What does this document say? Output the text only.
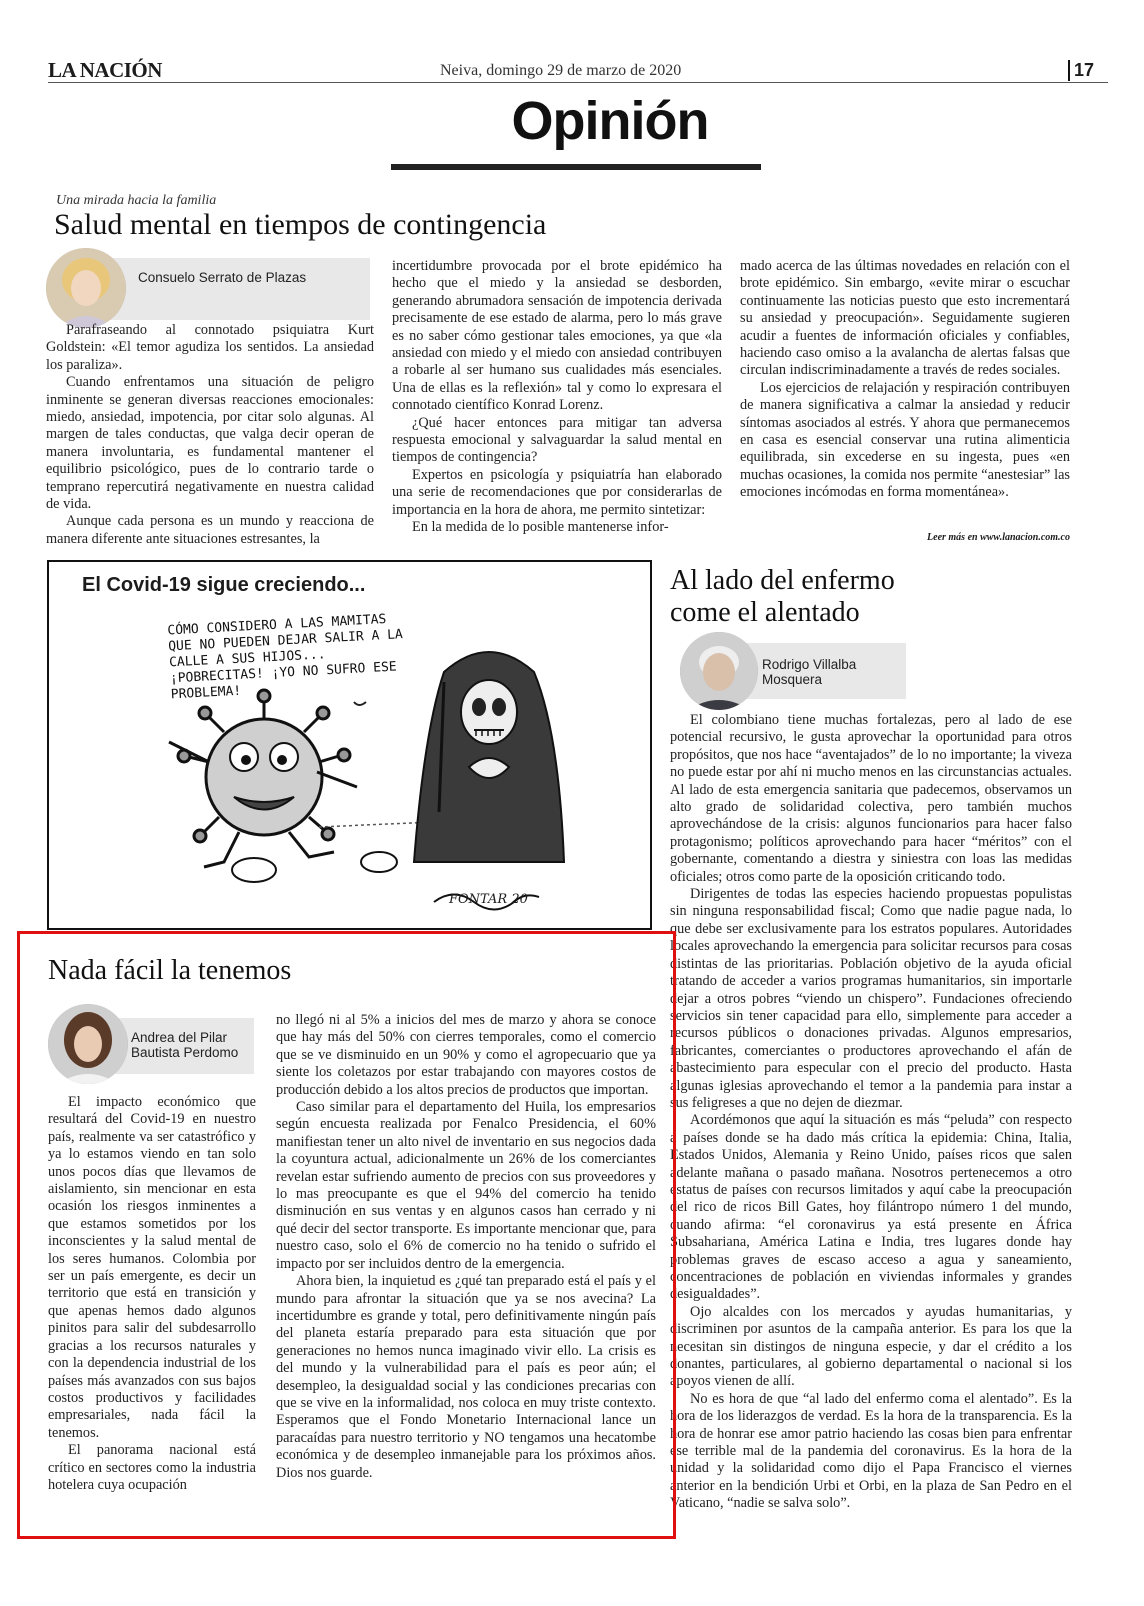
LA NACIÓN	Neiva, domingo 29 de marzo de 2020	17
Opinión
Una mirada hacia la familia
Salud mental en tiempos de contingencia
Consuelo Serrato de Plazas

Parafraseando al connotado psiquiatra Kurt Goldstein: «El temor agudiza los sentidos. La ansiedad los paraliza».

Cuando enfrentamos una situación de peligro inminente se generan diversas reacciones emocionales: miedo, ansiedad, impotencia, por citar solo algunas. Al margen de tales conductas, que valga decir operan de manera involuntaria, es fundamental mantener el equilibrio psicológico, pues de lo contrario tarde o temprano repercutirá negativamente en nuestra calidad de vida.

Aunque cada persona es un mundo y reacciona de manera diferente ante situaciones estresantes, la

incertidumbre provocada por el brote epidémico ha hecho que el miedo y la ansiedad se desborden, generando abrumadora sensación de impotencia derivada precisamente de ese estado de alarma, pero lo más grave es no saber cómo gestionar tales emociones, ya que «la ansiedad con miedo y el miedo con ansiedad contribuyen a robarle al ser humano sus cualidades más esenciales. Una de ellas es la reflexión» tal y como lo expresara el connotado científico Konrad Lorenz.

¿Qué hacer entonces para mitigar tan adversa respuesta emocional y salvaguardar la salud mental en tiempos de contingencia?

Expertos en psicología y psiquiatría han elaborado una serie de recomendaciones que por considerarlas de importancia en la hora de ahora, me permito sintetizar:

En la medida de lo posible mantenerse infor-

mado acerca de las últimas novedades en relación con el brote epidémico. Sin embargo, «evite mirar o escuchar continuamente las noticias puesto que esto incrementará su ansiedad y preocupación». Seguidamente sugieren acudir a fuentes de información oficiales y confiables, haciendo caso omiso a la avalancha de alertas falsas que circulan indiscriminadamente a través de redes sociales.

Los ejercicios de relajación y respiración contribuyen de manera significativa a calmar la ansiedad y reducir síntomas asociados al estrés. Y ahora que permanecemos en casa es esencial conservar una rutina alimenticia equilibrada, sin excederse en su ingesta, pues «en muchas ocasiones, la comida nos permite “anestesiar” las emociones incómodas en forma momentánea».

Leer más en www.lanacion.com.co
El Covid-19 sigue creciendo...
CÓMO CONSIDERO A LAS MAMITAS QUE NO PUEDEN DEJAR SALIR A LA CALLE A SUS HIJOS... ¡POBRECITAS! ¡YO NO SUFRO ESE PROBLEMA!
FONTAR 20
Al lado del enfermo come el alentado
Rodrigo Villalba Mosquera

El colombiano tiene muchas fortalezas, pero al lado de ese potencial recursivo, le gusta aprovechar la oportunidad para otros propósitos, que nos hace “aventajados” de lo no importante; la viveza no puede estar por ahí ni mucho menos en las circunstancias actuales. Al lado de esta emergencia sanitaria que padecemos, observamos un alto grado de solidaridad colectiva, pero también muchos aprovechándose de la crisis: algunos funcionarios para hacer falso protagonismo; políticos aprovechando para hacer “méritos” con el gobernante, comentando a diestra y siniestra con loas las medidas oficiales; otros como parte de la oposición criticando todo.

Dirigentes de todas las especies haciendo propuestas populistas sin ninguna responsabilidad fiscal; Como que nadie pague nada, lo que debe ser exclusivamente para los estratos populares. Autoridades locales aprovechando la emergencia para solicitar recursos para cosas distintas de las prioritarias. Población objetivo de la ayuda oficial tratando de acceder a varios programas humanitarios, sin importarle dejar a otros pobres “viendo un chispero”. Fundaciones ofreciendo servicios sin tener capacidad para ello, simplemente para acceder a recursos públicos o donaciones privadas. Algunos empresarios, fabricantes, comerciantes o productores aprovechando el afán de abastecimiento para especular con el precio del producto. Hasta algunas iglesias aprovechando el temor a la pandemia para instar a sus feligreses a que no dejen de diezmar.

Acordémonos que aquí la situación es más “peluda” con respecto a países donde se ha dado más crítica la epidemia: China, Italia, Estados Unidos, Alemania y Reino Unido, países ricos que salen adelante mañana o pasado mañana. Nosotros pertenecemos a otro estatus de países con recursos limitados y aquí cabe la preocupación del rico de ricos Bill Gates, hoy filántropo número 1 del mundo, cuando afirma: “el coronavirus ya está presente en África Subsahariana, América Latina e India, tres lugares donde hay problemas graves de escaso acceso a agua y saneamiento, concentraciones de población en viviendas informales y grandes desigualdades”.

Ojo alcaldes con los mercados y ayudas humanitarias, y discriminen por asuntos de la campaña anterior. Es para los que la necesitan sin distingos de ninguna especie, y dar el crédito a los donantes, particulares, al gobierno departamental o nacional si los apoyos vienen de allí.

No es hora de que “al lado del enfermo coma el alentado”. Es la hora de los liderazgos de verdad. Es la hora de la transparencia. Es la hora de honrar ese amor patrio haciendo las cosas bien para enfrentar ese terrible mal de la pandemia del coronavirus. Es la hora de la unidad y la solidaridad como dijo el Papa Francisco el viernes anterior en la bendición Urbi et Orbi, en la plaza de San Pedro en el Vaticano, “nadie se salva solo”.

Nada fácil la tenemos
Andrea del Pilar Bautista Perdomo

El impacto económico que resultará del Covid-19 en nuestro país, realmente va ser catastrófico y ya lo estamos viendo en tan solo unos pocos días que llevamos de aislamiento, sin mencionar en esta ocasión los riesgos inminentes a que estamos sometidos por los inconscientes y la salud mental de los seres humanos. Colombia por ser un país emergente, es decir un territorio que está en transición y que apenas hemos dado algunos pinitos para salir del subdesarrollo gracias a los recursos naturales y con la dependencia industrial de los países más avanzados con sus bajos costos productivos y facilidades empresariales, nada fácil la tenemos.

El panorama nacional está crítico en sectores como la industria hotelera cuya ocupación

no llegó ni al 5% a inicios del mes de marzo y ahora se conoce que hay más del 50% con cierres temporales, como el comercio que se ve disminuido en un 90% y como el agropecuario que ya siente los coletazos por estar trabajando con mayores costos de producción debido a los altos precios de productos que importan.

Caso similar para el departamento del Huila, los empresarios según encuesta realizada por Fenalco Presidencia, el 60% manifiestan tener un alto nivel de inventario en sus negocios dada la coyuntura actual, adicionalmente un 26% de los comerciantes revelan estar sufriendo aumento de precios con sus proveedores y lo mas preocupante es que el 94% del comercio ha tenido disminución en sus ventas y en algunos casos han cerrado y ni qué decir del sector transporte. Es importante mencionar que, para nuestro caso, solo el 6% de comercio no ha tenido o sufrido el impacto por ser incluidos dentro de la emergencia.

Ahora bien, la inquietud es ¿qué tan preparado está el país y el mundo para afrontar la situación que ya se nos avecina? La incertidumbre es grande y total, pero definitivamente ningún país del planeta estaría preparado para esta situación que por generaciones no hemos nunca imaginado vivir ello. La crisis es del mundo y la vulnerabilidad para el país es peor aún; el desempleo, la desigualdad social y las condiciones precarias con que se vive en la informalidad, nos coloca en muy triste contexto. Esperamos que el Fondo Monetario Internacional lance un paracaídas para nuestro territorio y NO tengamos una hecatombe económica y de desempleo inmanejable para los próximos años. Dios nos guarde.
